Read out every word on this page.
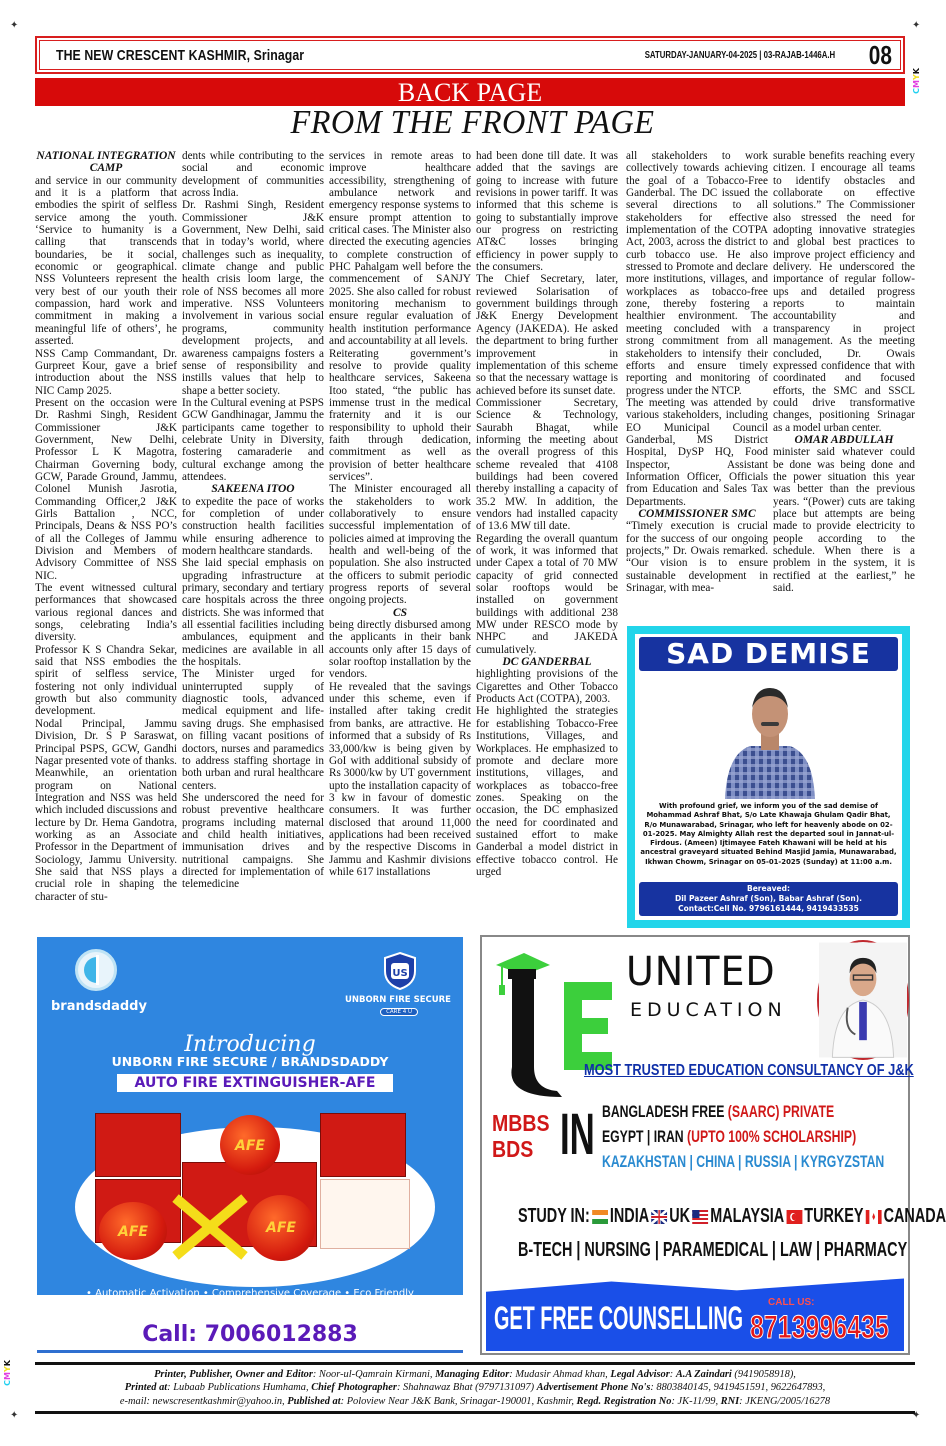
✦	✦
✦	✦
CMYK
CMYK
THE NEW CRESCENT KASHMIR, Srinagar	SATURDAY-JANUARY-04-2025 | 03-RAJAB-1446A.H 08
BACK PAGE
FROM THE FRONT PAGE

NATIONAL INTEGRATION CAMP

and service in our community and it is a platform that embodies the spirit of selfless service among the youth. ‘Service to humanity is a calling that transcends boundaries, be it social, economic or geographical. NSS Volunteers represent the very best of our youth their compassion, hard work and commitment in making a meaningful life of others’, he asserted.

NSS Camp Commandant, Dr. Gurpreet Kour, gave a brief introduction about the NSS NIC Camp 2025.

Present on the occasion were Dr. Rashmi Singh, Resident Commissioner J&K Government, New Delhi, Professor L K Magotra, Chairman Governing body, GCW, Parade Ground, Jammu, Colonel Munish Jasrotia, Commanding Officer,2 J&K Girls Battalion , NCC, Principals, Deans & NSS PO’s of all the Colleges of Jammu Division and Members of Advisory Committee of NSS NIC.

The event witnessed cultural performances that showcased various regional dances and songs, celebrating India’s diversity.

Professor K S Chandra Sekar, said that NSS embodies the spirit of selfless service, fostering not only individual growth but also community development.

Nodal Principal, Jammu Division, Dr. S P Saraswat, Principal PSPS, GCW, Gandhi Nagar presented vote of thanks.

Meanwhile, an orientation program on National Integration and NSS was held which included discussions and lecture by Dr. Hema Gandotra, working as an Associate Professor in the Department of Sociology, Jammu University. She said that NSS plays a crucial role in shaping the character of stu-

dents while contributing to the social and economic development of communities across India.

Dr. Rashmi Singh, Resident Commissioner J&K Government, New Delhi, said that in today’s world, where challenges such as inequality, climate change and public health crisis loom large, the role of NSS becomes all more imperative. NSS Volunteers involvement in various social programs, community development projects, and awareness campaigns fosters a sense of responsibility and instills values that help to shape a better society.

In the Cultural evening at PSPS GCW Gandhinagar, Jammu the participants came together to celebrate Unity in Diversity, fostering camaraderie and cultural exchange among the attendees.

SAKEENA ITOO

to expedite the pace of works for completion of under construction health facilities while ensuring adherence to modern healthcare standards.

She laid special emphasis on upgrading infrastructure at primary, secondary and tertiary care hospitals across the three districts. She was informed that all essential facilities including ambulances, equipment and medicines are available in all the hospitals.

The Minister urged for uninterrupted supply of diagnostic tools, advanced medical equipment and life-saving drugs. She emphasised on filling vacant positions of doctors, nurses and paramedics to address staffing shortage in both urban and rural healthcare centers.

She underscored the need for robust preventive healthcare programs including maternal and child health initiatives, immunisation drives and nutritional campaigns. She directed for implementation of telemedicine

services in remote areas to improve healthcare accessibility, strengthening of ambulance network and emergency response systems to ensure prompt attention to critical cases. The Minister also directed the executing agencies to complete construction of PHC Pahalgam well before the commencement of SANJY 2025. She also called for robust monitoring mechanism to ensure regular evaluation of health institution performance and accountability at all levels.

Reiterating government’s resolve to provide quality healthcare services, Sakeena Itoo stated, “the public has immense trust in the medical fraternity and it is our responsibility to uphold their faith through dedication, commitment as well as provision of better healthcare services”.

The Minister encouraged all the stakeholders to work collaboratively to ensure successful implementation of policies aimed at improving the health and well-being of the population. She also instructed the officers to submit periodic progress reports of several ongoing projects.

CS

being directly disbursed among the applicants in their bank accounts only after 15 days of solar rooftop installation by the vendors.

He revealed that the savings under this scheme, even if installed after taking credit from banks, are attractive. He informed that a subsidy of Rs 33,000/kw is being given by GoI with additional subsidy of Rs 3000/kw by UT government upto the installation capacity of 3 kw in favour of domestic consumers. It was further disclosed that around 11,000 applications had been received by the respective Discoms in Jammu and Kashmir divisions while 617 installations

had been done till date. It was added that the savings are going to increase with future revisions in power tariff. It was informed that this scheme is going to substantially improve our progress on restricting AT&C losses bringing efficiency in power supply to the consumers.

The Chief Secretary, later, reviewed Solarisation of government buildings through J&K Energy Development Agency (JAKEDA). He asked the department to bring further improvement in implementation of this scheme so that the necessary wattage is achieved before its sunset date.

Commissioner Secretary, Science & Technology, Saurabh Bhagat, while informing the meeting about the overall progress of this scheme revealed that 4108 buildings had been covered thereby installing a capacity of 35.2 MW. In addition, the vendors had installed capacity of 13.6 MW till date.

Regarding the overall quantum of work, it was informed that under Capex a total of 70 MW capacity of grid connected solar rooftops would be installed on government buildings with additional 238 MW under RESCO mode by NHPC and JAKEDA cumulatively.

DC GANDERBAL

highlighting provisions of the Cigarettes and Other Tobacco Products Act (COTPA), 2003.

He highlighted the strategies for establishing Tobacco-Free Institutions, Villages, and Workplaces. He emphasized to promote and declare more institutions, villages, and workplaces as tobacco-free zones. Speaking on the occasion, the DC emphasized the need for coordinated and sustained effort to make Ganderbal a model district in effective tobacco control. He urged

all stakeholders to work collectively towards achieving the goal of a Tobacco-Free Ganderbal. The DC issued the several directions to all stakeholders for effective implementation of the COTPA Act, 2003, across the district to curb tobacco use. He also stressed to Promote and declare more institutions, villages, and workplaces as tobacco-free zone, thereby fostering a healthier environment. The meeting concluded with a strong commitment from all stakeholders to intensify their efforts and ensure timely reporting and monitoring of progress under the NTCP.

The meeting was attended by various stakeholders, including EO Municipal Council Ganderbal, MS District Hospital, DySP HQ, Food Inspector, Assistant Information Officer, Officials from Education and Sales Tax Departments.

COMMISSIONER SMC

“Timely execution is crucial for the success of our ongoing projects,” Dr. Owais remarked. “Our vision is to ensure sustainable development in Srinagar, with mea-

surable benefits reaching every citizen. I encourage all teams to identify obstacles and collaborate on effective solutions.” The Commissioner also stressed the need for adopting innovative strategies and global best practices to improve project efficiency and delivery. He underscored the importance of regular follow-ups and detailed progress reports to maintain accountability and transparency in project management. As the meeting concluded, Dr. Owais expressed confidence that with coordinated and focused efforts, the SMC and SSCL could drive transformative changes, positioning Srinagar as a model urban center.

OMAR ABDULLAH

minister said whatever could be done was being done and the power situation this year was better than the previous years. “(Power) cuts are taking place but attempts are being made to provide electricity to people according to the schedule. When there is a problem in the system, it is rectified at the earliest,” he said.

SAD DEMISE
With profound grief, we inform you of the sad demise of Mohammad Ashraf Bhat, S/o Late Khawaja Ghulam Qadir Bhat, R/o Munawarabad, Srinagar, who left for heavenly abode on 02-01-2025. May Almighty Allah rest the departed soul in Jannat-ul-Firdous. (Ameen) Ijtimayee Fateh Khawani will be held at his ancestral graveyard situated Behind Masjid Jamia, Munawarabad, Ikhwan Chowm, Srinagar on 05-01-2025 (Sunday) at 11:00 a.m.
Bereaved:
Dil Pazeer Ashraf (Son), Babar Ashraf (Son).
Contact:Cell No. 9796161444, 9419433535
brandsdaddy
US
UNBORN FIRE SECURE
CARE 4 U
Introducing
UNBORN FIRE SECURE / BRANDSDADDY
AUTO FIRE EXTINGUISHER-AFE
AFE
AFE	AFE
• Automatic Activation • Comprehensive Coverage • Eco Friendly
• Compensation upto Rs. 10 Lacs • Maintenance Free
Call: 7006012883
UNITED
EDUCATION
MOST TRUSTED EDUCATION CONSULTANCY OF J&K
MBBS
BDS IN BANGLADESH FREE (SAARC) PRIVATE
EGYPT | IRAN (UPTO 100% SCHOLARSHIP)
KAZAKHSTAN | CHINA | RUSSIA | KYRGYZSTAN
STUDY IN: INDIA UK MALAYSIA TURKEY CANADA
B-TECH | NURSING | PARAMEDICAL | LAW | PHARMACY
GET FREE COUNSELLING CALL US:
8713996435
Printer, Publisher, Owner and Editor: Noor-ul-Qamrain Kirmani, Managing Editor: Mudasir Ahmad khan, Legal Advisor: A.A Zaindari (9419058918),
Printed at: Lubaab Publications Humhama, Chief Photographer: Shahnawaz Bhat (9797131097) Advertisement Phone No's: 8803840145, 9419451591, 9622647893,
e-mail: newscresentkashmir@yahoo.in, Published at: Poloview Near J&K Bank, Srinagar-190001, Kashmir, Regd. Registration No: JK-11/99, RNI: JKENG/2005/16278
